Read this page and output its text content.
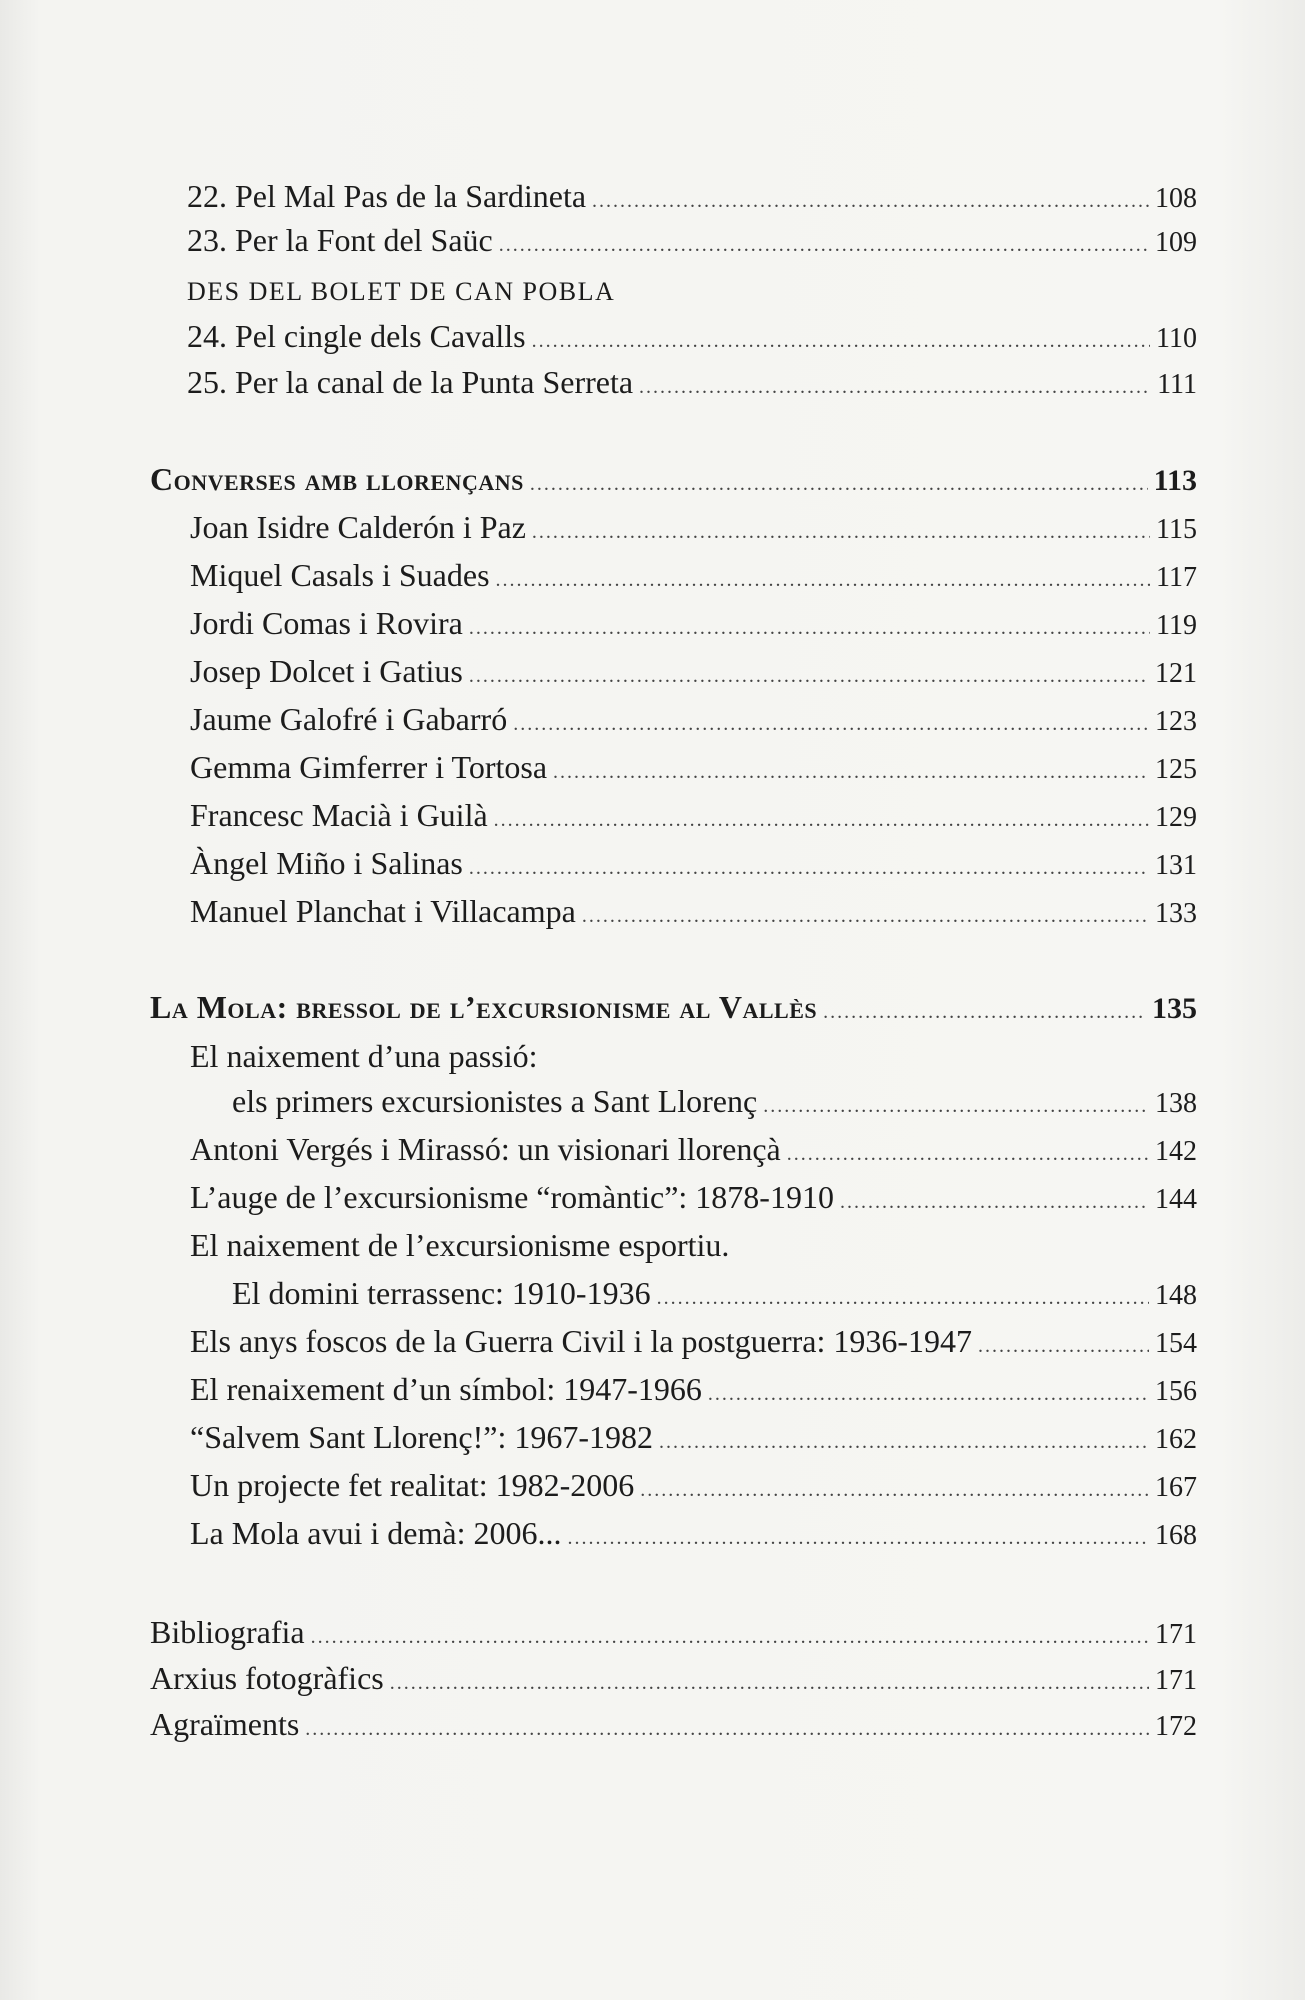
22. Pel Mal Pas de la Sardineta .....	108
23. Per la Font del Saüc .....	109
DES DEL BOLET DE CAN POBLA
24. Pel cingle dels Cavalls .....	110
25. Per la canal de la Punta Serreta .....	111
Converses amb llorençans .....	113
Joan Isidre Calderón i Paz .....	115
Miquel Casals i Suades .....	117
Jordi Comas i Rovira .....	119
Josep Dolcet i Gatius .....	121
Jaume Galofré i Gabarró .....	123
Gemma Gimferrer i Tortosa .....	125
Francesc Macià i Guilà .....	129
Àngel Miño i Salinas .....	131
Manuel Planchat i Villacampa .....	133
La Mola: bressol de l’excursionisme al Vallès .....	135
El naixement d’una passió:
els primers excursionistes a Sant Llorenç .....	138
Antoni Vergés i Mirassó: un visionari llorençà .....	142
L’auge de l’excursionisme “romàntic”: 1878-1910 .....	144
El naixement de l’excursionisme esportiu.
El domini terrassenc: 1910-1936 .....	148
Els anys foscos de la Guerra Civil i la postguerra: 1936-1947 .....	154
El renaixement d’un símbol: 1947-1966 .....	156
“Salvem Sant Llorenç!”: 1967-1982 .....	162
Un projecte fet realitat: 1982-2006 .....	167
La Mola avui i demà: 2006... .....	168
Bibliografia .....	171
Arxius fotogràfics .....	171
Agraïments .....	172
